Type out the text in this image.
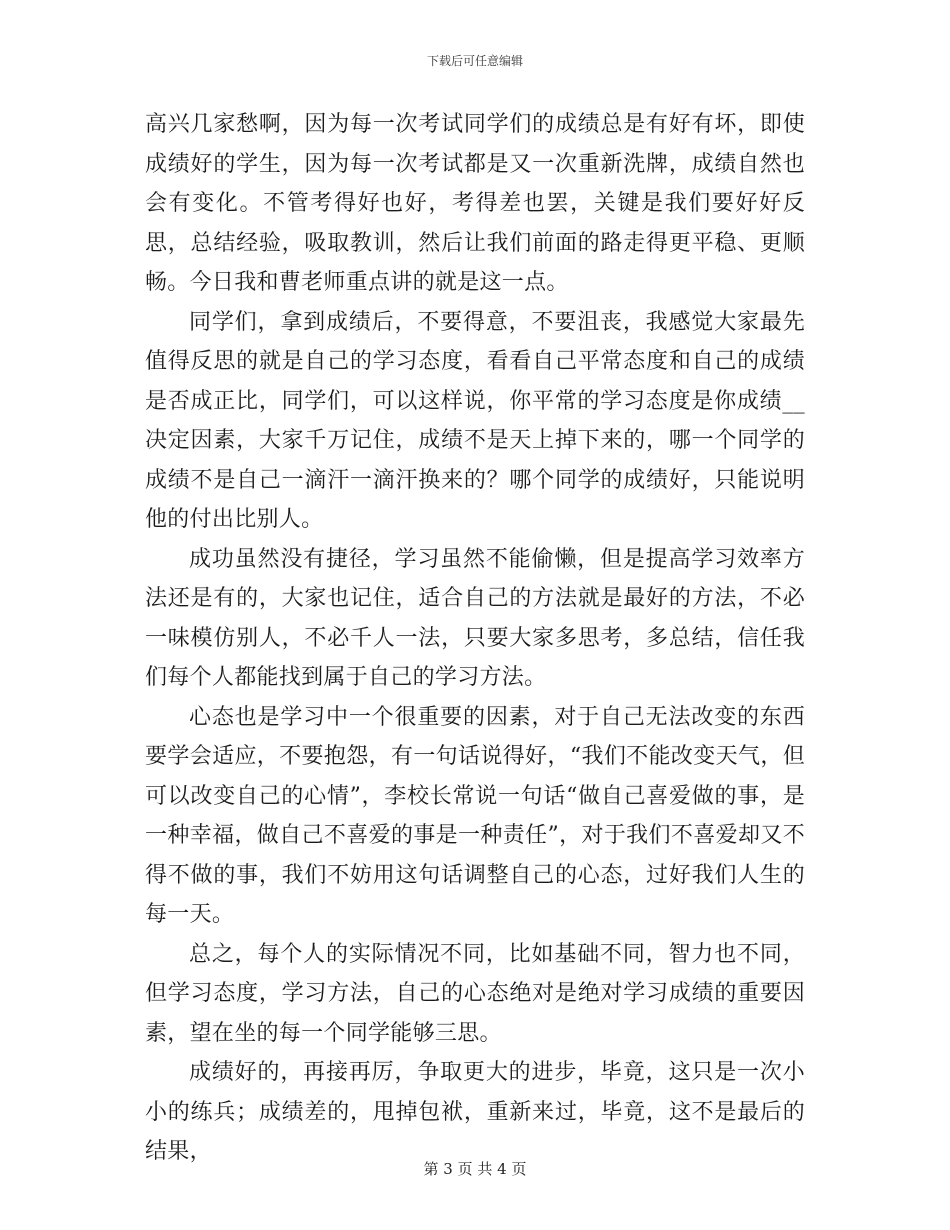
下载后可任意编辑

高兴几家愁啊，因为每一次考试同学们的成绩总是有好有坏，即使成绩好的学生，因为每一次考试都是又一次重新洗牌，成绩自然也会有变化。不管考得好也好，考得差也罢，关键是我们要好好反思，总结经验，吸取教训，然后让我们前面的路走得更平稳、更顺畅。今日我和曹老师重点讲的就是这一点。

同学们，拿到成绩后，不要得意，不要沮丧，我感觉大家最先值得反思的就是自己的学习态度，看看自己平常态度和自己的成绩是否成正比，同学们，可以这样说，你平常的学习态度是你成绩__决定因素，大家千万记住，成绩不是天上掉下来的，哪一个同学的成绩不是自己一滴汗一滴汗换来的？哪个同学的成绩好，只能说明他的付出比别人。

成功虽然没有捷径，学习虽然不能偷懒，但是提高学习效率方法还是有的，大家也记住，适合自己的方法就是最好的方法，不必一味模仿别人，不必千人一法，只要大家多思考，多总结，信任我们每个人都能找到属于自己的学习方法。

心态也是学习中一个很重要的因素，对于自己无法改变的东西要学会适应，不要抱怨，有一句话说得好，“我们不能改变天气，但可以改变自己的心情”，李校长常说一句话“做自己喜爱做的事，是一种幸福，做自己不喜爱的事是一种责任”，对于我们不喜爱却又不得不做的事，我们不妨用这句话调整自己的心态，过好我们人生的每一天。

总之，每个人的实际情况不同，比如基础不同，智力也不同，但学习态度，学习方法，自己的心态绝对是绝对学习成绩的重要因素，望在坐的每一个同学能够三思。

成绩好的，再接再厉，争取更大的进步，毕竟，这只是一次小小的练兵；成绩差的，甩掉包袱，重新来过，毕竟，这不是最后的结果，

第 3 页 共 4 页
